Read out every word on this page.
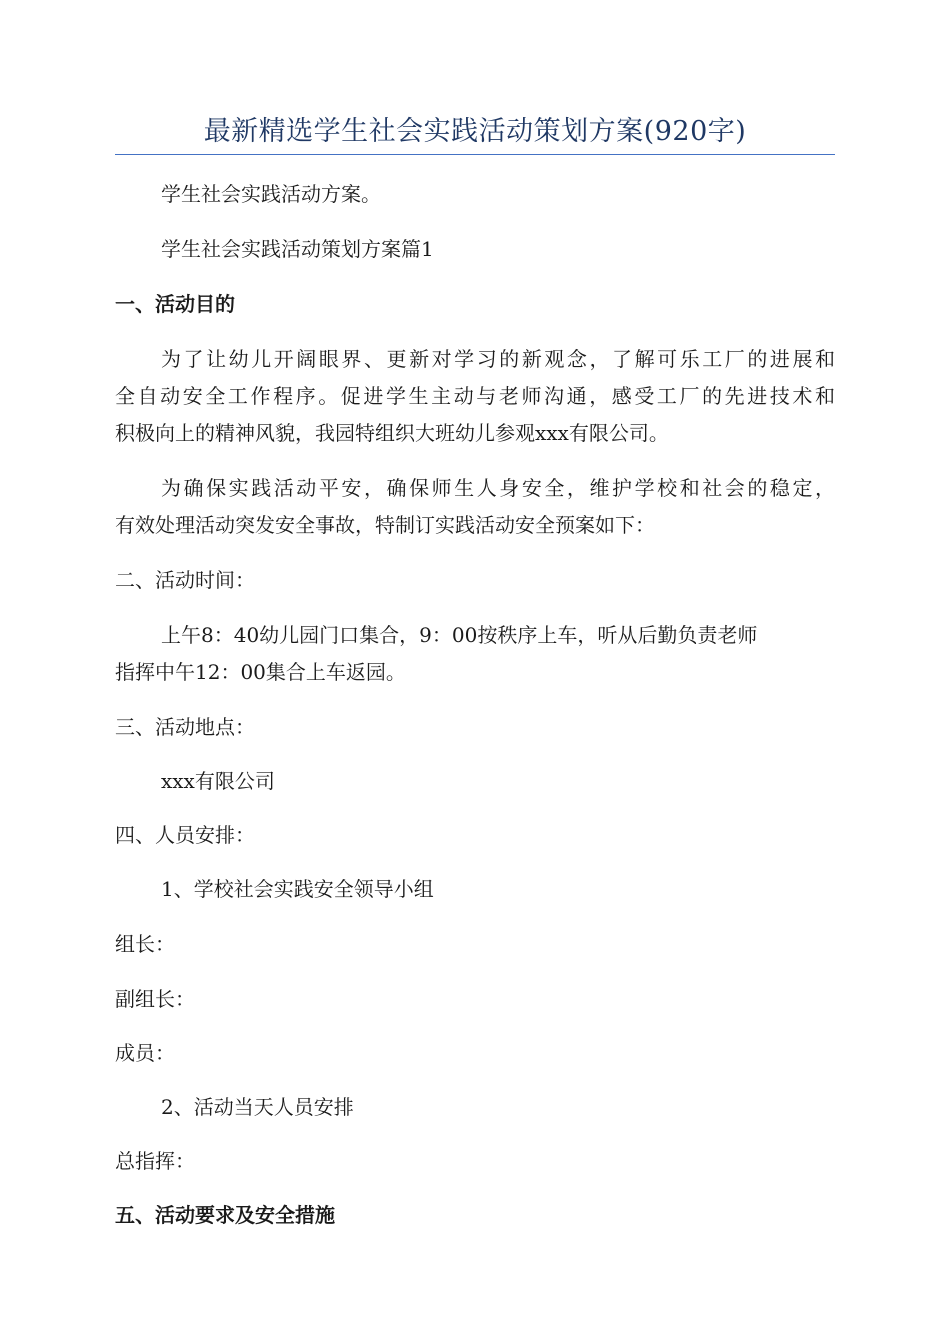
最新精选学生社会实践活动策划方案(920字)
学生社会实践活动方案。
学生社会实践活动策划方案篇1
一、活动目的
为了让幼儿开阔眼界、更新对学习的新观念，了解可乐工厂的进展和
全自动安全工作程序。促进学生主动与老师沟通，感受工厂的先进技术和
积极向上的精神风貌，我园特组织大班幼儿参观xxx有限公司。
为确保实践活动平安，确保师生人身安全，维护学校和社会的稳定，
有效处理活动突发安全事故，特制订实践活动安全预案如下：
二、活动时间：
上午8：40幼儿园门口集合，9：00按秩序上车，听从后勤负责老师
指挥中午12：00集合上车返园。
三、活动地点：
xxx有限公司
四、人员安排：
1、学校社会实践安全领导小组
组长：
副组长：
成员：
2、活动当天人员安排
总指挥：
五、活动要求及安全措施
